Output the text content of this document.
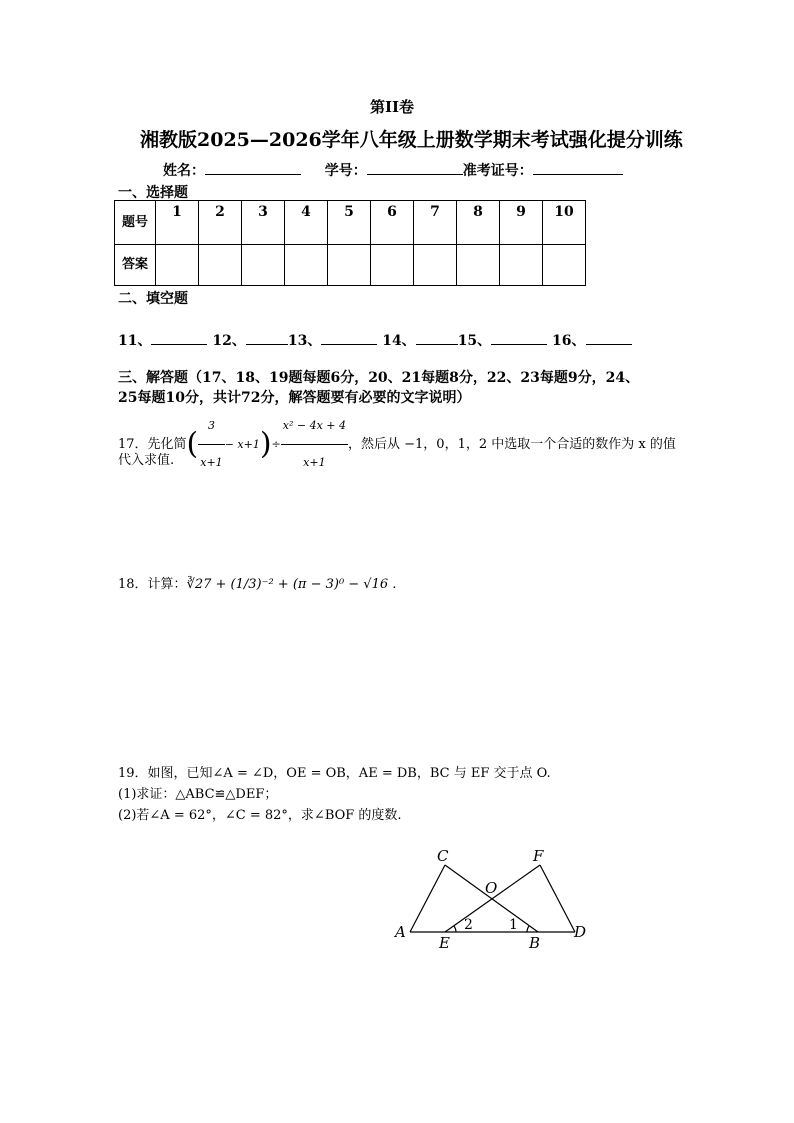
第II卷
湘教版2025—2026学年八年级上册数学期末考试强化提分训练
姓名：	学号：	准考证号：
一、选择题
题号	1	2	3	4	5	6	7	8	9	10
答案										
二、填空题
11、	12、	13、	14、	15、	16、
三、解答题（17、18、19题每题6分，20、21每题8分，22、23每题9分，24、
25每题10分，共计72分，解答题要有必要的文字说明）
17．先化简( $\frac{3}{x+1} - x+1)\div \frac{\text{x² − 4x + 4}}{x+1}$ ，然后从 −1，0，1，2 中选取一个合适的数作为 x 的值
代入求值.
18．计算：∛27 + (1/3)⁻² + (π − 3)⁰ − √16 .
19．如图，已知∠A = ∠D，OE = OB，AE = DB，BC 与 EF 交于点 O.
(1)求证：△ABC≌△DEF；
(2)若∠A = 62°，∠C = 82°，求∠BOF 的度数.
C	F
O
A
E	B
D
2	1
